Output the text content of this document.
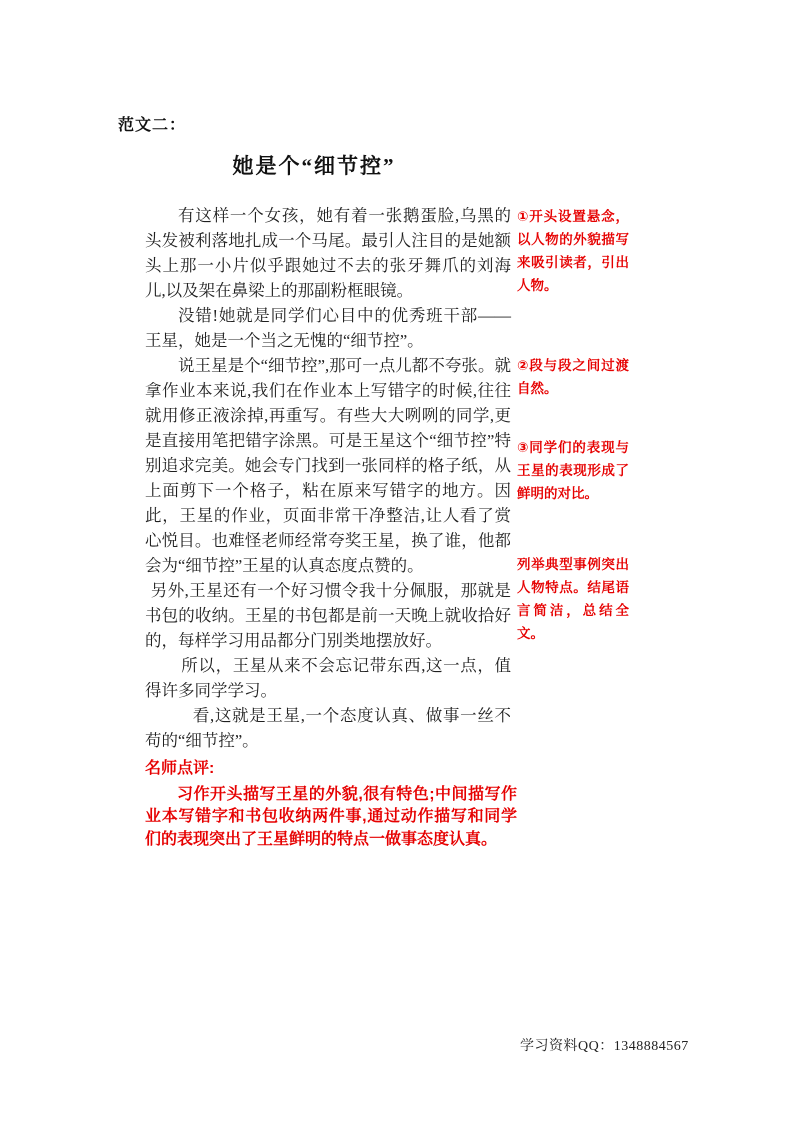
范文二：
她是个“细节控”

有这样一个女孩，她有着一张鹅蛋脸,乌黑的头发被利落地扎成一个马尾。最引人注目的是她额头上那一小片似乎跟她过不去的张牙舞爪的刘海儿,以及架在鼻梁上的那副粉框眼镜。

没错!她就是同学们心目中的优秀班干部——王星，她是一个当之无愧的“细节控”。

说王星是个“细节控”,那可一点儿都不夸张。就拿作业本来说,我们在作业本上写错字的时候,往往就用修正液涂掉,再重写。有些大大咧咧的同学,更是直接用笔把错字涂黑。可是王星这个“细节控”特别追求完美。她会专门找到一张同样的格子纸，从上面剪下一个格子，粘在原来写错字的地方。因此，王星的作业，页面非常干净整洁,让人看了赏心悦目。也难怪老师经常夸奖王星，换了谁，他都会为“细节控”王星的认真态度点赞的。

另外,王星还有一个好习惯令我十分佩服，那就是书包的收纳。王星的书包都是前一天晚上就收拾好的，每样学习用品都分门别类地摆放好。

所以，王星从来不会忘记带东西,这一点，值得许多同学学习。

看,这就是王星,一个态度认真、做事一丝不苟的“细节控”。

①开头设置悬念，以人物的外貌描写来吸引读者，引出人物。
②段与段之间过渡自然。
③同学们的表现与王星的表现形成了鲜明的对比。
列举典型事例突出人物特点。结尾语言简洁，总结全文。

名师点评:

习作开头描写王星的外貌,很有特色;中间描写作业本写错字和书包收纳两件事,通过动作描写和同学们的表现突出了王星鲜明的特点一做事态度认真。

学习资料QQ：1348884567
